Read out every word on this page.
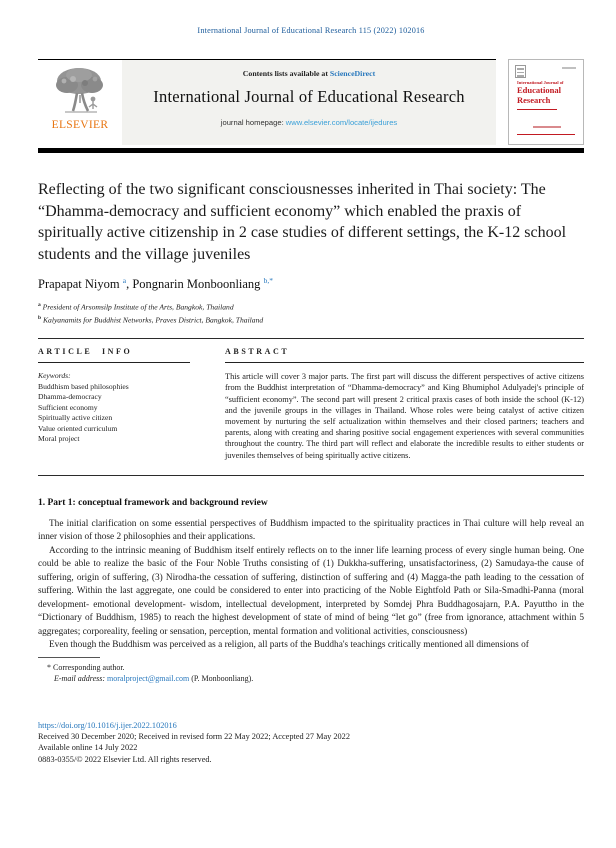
International Journal of Educational Research 115 (2022) 102016
ELSEVIER
Contents lists available at ScienceDirect
International Journal of Educational Research
journal homepage: www.elsevier.com/locate/ijedures
International Journal of
Educational
Research
Reflecting of the two significant consciousnesses inherited in Thai society: The “Dhamma-democracy and sufficient economy” which enabled the praxis of spiritually active citizenship in 2 case studies of different settings, the K-12 school students and the village juveniles
Prapapat Niyom $^a$, Pongnarin Monboonliang $^{b,*}$
$^a$ President of Arsomsilp Institute of the Arts, Bangkok, Thailand
$^b$ Kalyanamits for Buddhist Networks, Praves District, Bangkok, Thailand
ARTICLE INFO
Keywords:
Buddhism based philosophies
Dhamma-democracy
Sufficient economy
Spiritually active citizen
Value oriented curriculum
Moral project
ABSTRACT
This article will cover 3 major parts. The first part will discuss the different perspectives of active citizens from the Buddhist interpretation of “Dhamma-democracy” and King Bhumiphol Adulyadej's principle of “sufficient economy”. The second part will present 2 critical praxis cases of both inside the school (K-12) and the juvenile groups in the villages in Thailand. Whose roles were being catalyst of active citizen movement by nurturing the self actualization within themselves and their closed partners; teachers and parents, along with creating and sharing positive social engagement experiences with several communities throughout the country. The third part will reflect and elaborate the incredible results to either students or juveniles themselves of being spiritually active citizens.
1. Part 1: conceptual framework and background review

The initial clarification on some essential perspectives of Buddhism impacted to the spirituality practices in Thai culture will help reveal an inner vision of those 2 philosophies and their applications.

According to the intrinsic meaning of Buddhism itself entirely reflects on to the inner life learning process of every single human being. One could be able to realize the basic of the Four Noble Truths consisting of (1) Dukkha-suffering, unsatisfactoriness, (2) Samudaya-the cause of suffering, origin of suffering, (3) Nirodha-the cessation of suffering, distinction of suffering and (4) Magga-the path leading to the cessation of suffering. Within the last aggregate, one could be considered to enter into practicing of the Noble Eightfold Path or Sila-Smadhi-Panna (moral development- emotional development- wisdom, intellectual development, interpreted by Somdej Phra Buddhagosajarn, P.A. Payuttho in the “Dictionary of Buddhism, 1985) to reach the highest development of state of mind of being “let go” (free from ignorance, attachment within 5 aggregates; corporeality, feeling or sensation, perception, mental formation and volitional activities, consciousness)

Even though the Buddhism was perceived as a religion, all parts of the Buddha's teachings critically mentioned all dimensions of

* Corresponding author.
E-mail address: moralproject@gmail.com (P. Monboonliang).
https://doi.org/10.1016/j.ijer.2022.102016
Received 30 December 2020; Received in revised form 22 May 2022; Accepted 27 May 2022
Available online 14 July 2022
0883-0355/© 2022 Elsevier Ltd. All rights reserved.
